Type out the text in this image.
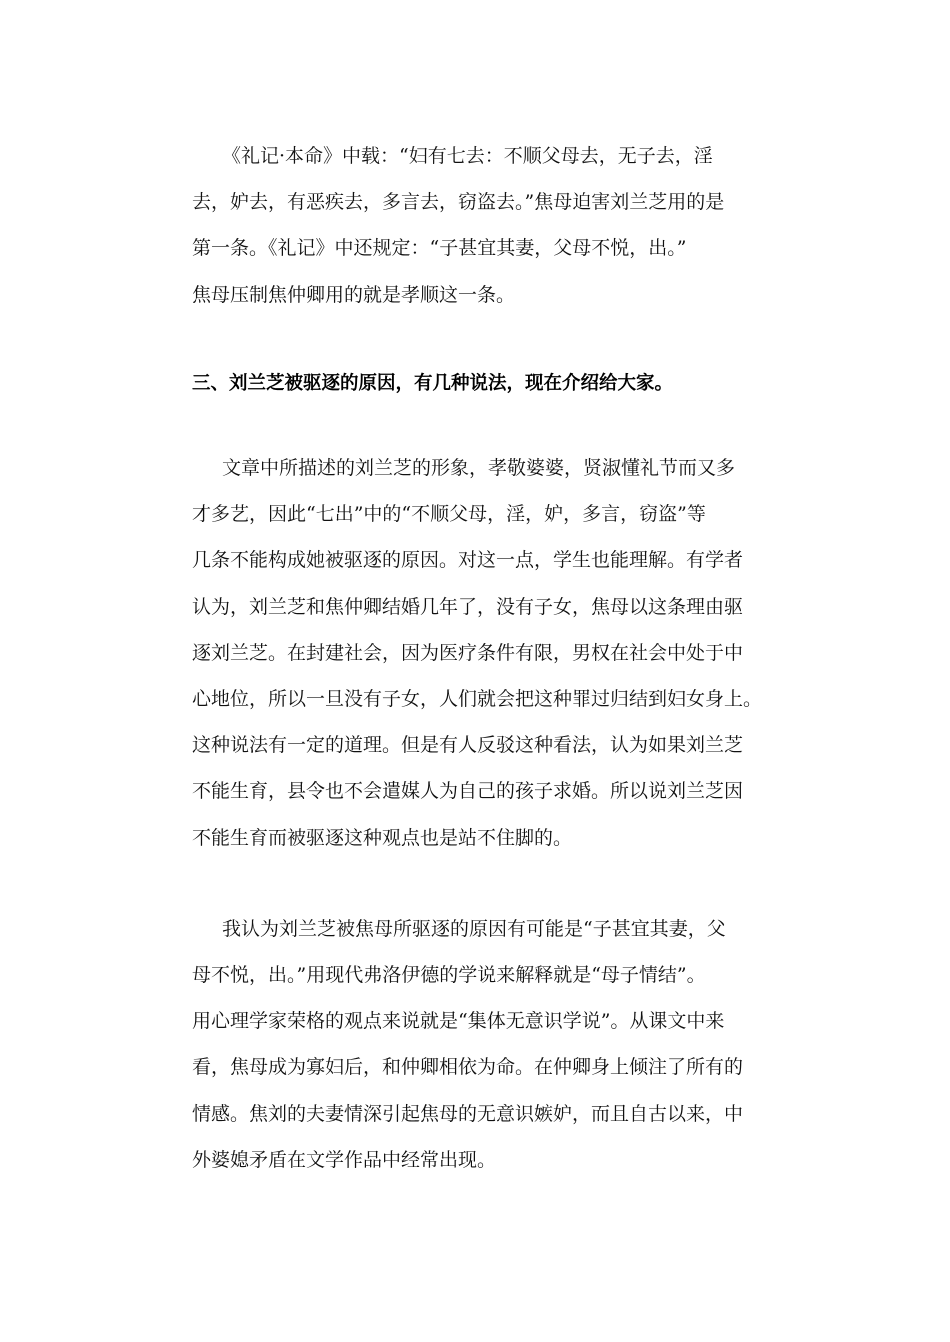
《礼记·本命》中载：“妇有七去：不顺父母去，无子去，淫

去，妒去，有恶疾去，多言去，窃盗去。”焦母迫害刘兰芝用的是

第一条。《礼记》中还规定：“子甚宜其妻，父母不悦，出。”

焦母压制焦仲卿用的就是孝顺这一条。

三、刘兰芝被驱逐的原因，有几种说法，现在介绍给大家。

文章中所描述的刘兰芝的形象，孝敬婆婆，贤淑懂礼节而又多

才多艺，因此“七出”中的“不顺父母，淫，妒，多言，窃盗”等

几条不能构成她被驱逐的原因。对这一点，学生也能理解。有学者

认为，刘兰芝和焦仲卿结婚几年了，没有子女，焦母以这条理由驱

逐刘兰芝。在封建社会，因为医疗条件有限，男权在社会中处于中

心地位，所以一旦没有子女，人们就会把这种罪过归结到妇女身上。

这种说法有一定的道理。但是有人反驳这种看法，认为如果刘兰芝

不能生育，县令也不会遣媒人为自己的孩子求婚。所以说刘兰芝因

不能生育而被驱逐这种观点也是站不住脚的。

我认为刘兰芝被焦母所驱逐的原因有可能是“子甚宜其妻，父

母不悦，出。”用现代弗洛伊德的学说来解释就是“母子情结”。

用心理学家荣格的观点来说就是“集体无意识学说”。从课文中来

看，焦母成为寡妇后，和仲卿相依为命。在仲卿身上倾注了所有的

情感。焦刘的夫妻情深引起焦母的无意识嫉妒，而且自古以来，中

外婆媳矛盾在文学作品中经常出现。
